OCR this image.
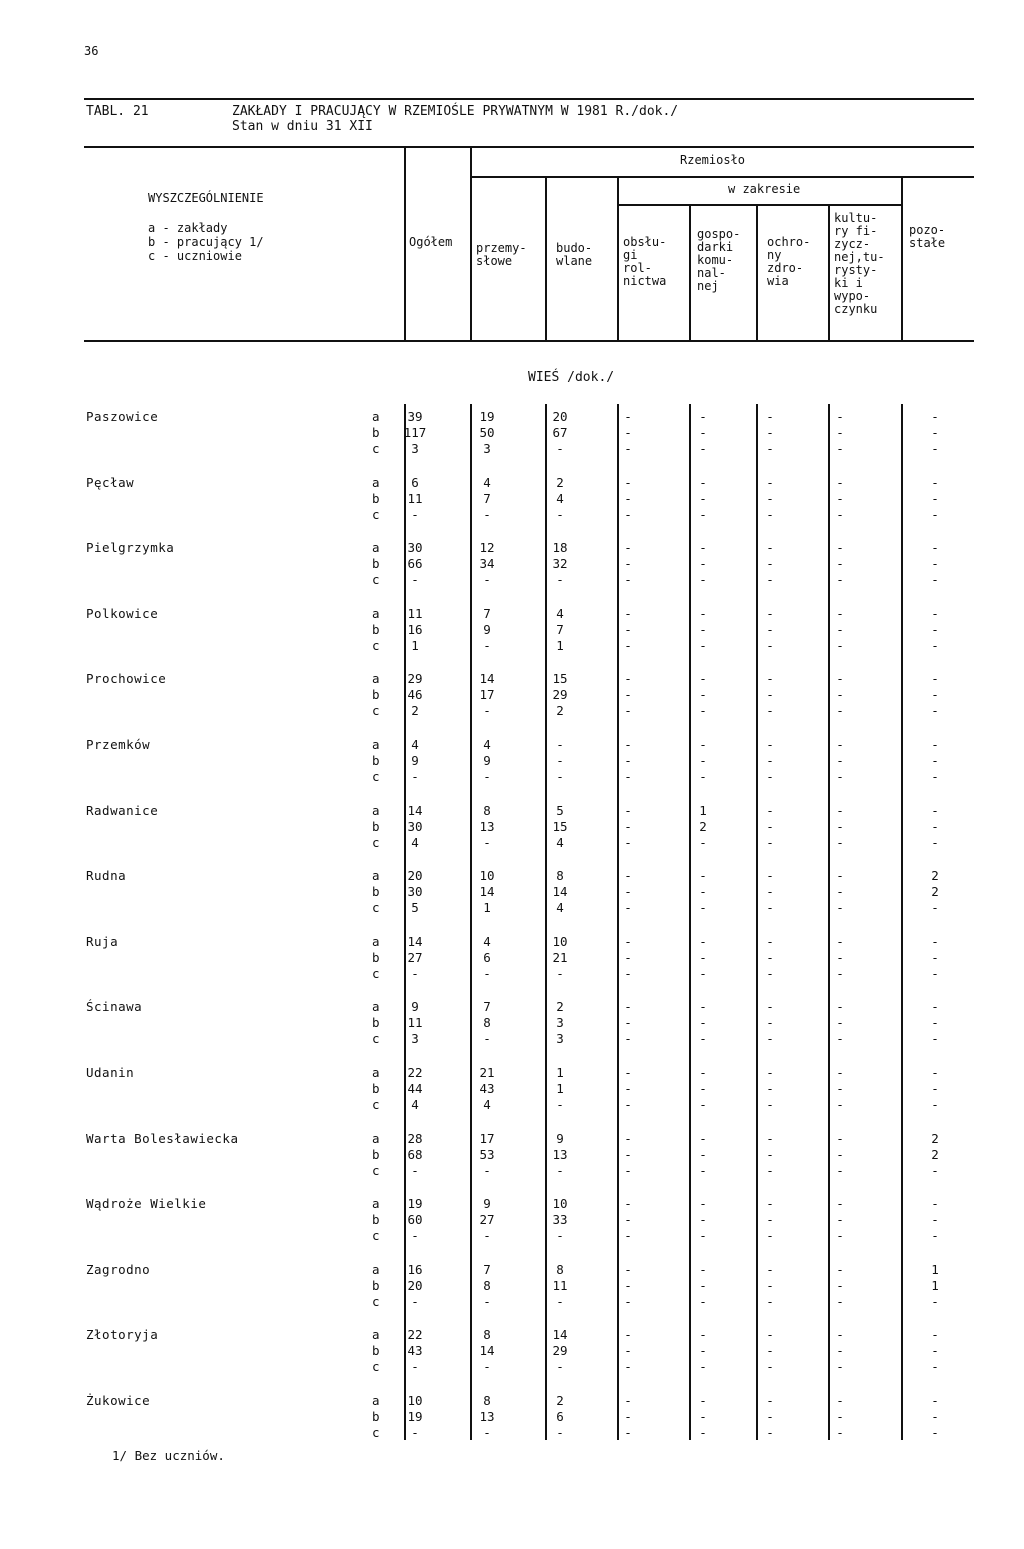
36
TABL. 21	ZAKŁADY I PRACUJĄCY W RZEMIOŚLE PRYWATNYM W 1981 R./dok./
Stan w dniu 31 XII
WYSZCZEGÓLNIENIE
a - zakłady
b - pracujący 1/
c - uczniowie
Ogółem
Rzemiosło
w zakresie
przemy-
słowe
budo-
wlane
obsłu-
gi
rol-
nictwa
gospo-
darki
komu-
nal-
nej
ochro-
ny
zdro-
wia
kultu-
ry fi-
zycz-
nej,tu-
rysty-
ki i
wypo-
czynku
pozo-
stałe
WIEŚ /dok./
Paszowice	a	39	19	20	-	-	-	-	-
b	117	50	67	-	-	-	-	-
c	3	3	-	-	-	-	-	-
Pęcław	a	6	4	2	-	-	-	-	-
b	11	7	4	-	-	-	-	-
c	-	-	-	-	-	-	-	-
Pielgrzymka	a	30	12	18	-	-	-	-	-
b	66	34	32	-	-	-	-	-
c	-	-	-	-	-	-	-	-
Polkowice	a	11	7	4	-	-	-	-	-
b	16	9	7	-	-	-	-	-
c	1	-	1	-	-	-	-	-
Prochowice	a	29	14	15	-	-	-	-	-
b	46	17	29	-	-	-	-	-
c	2	-	2	-	-	-	-	-
Przemków	a	4	4	-	-	-	-	-	-
b	9	9	-	-	-	-	-	-
c	-	-	-	-	-	-	-	-
Radwanice	a	14	8	5	-	1	-	-	-
b	30	13	15	-	2	-	-	-
c	4	-	4	-	-	-	-	-
Rudna	a	20	10	8	-	-	-	-	2
b	30	14	14	-	-	-	-	2
c	5	1	4	-	-	-	-	-
Ruja	a	14	4	10	-	-	-	-	-
b	27	6	21	-	-	-	-	-
c	-	-	-	-	-	-	-	-
Ścinawa	a	9	7	2	-	-	-	-	-
b	11	8	3	-	-	-	-	-
c	3	-	3	-	-	-	-	-
Udanin	a	22	21	1	-	-	-	-	-
b	44	43	1	-	-	-	-	-
c	4	4	-	-	-	-	-	-
Warta Bolesławiecka	a	28	17	9	-	-	-	-	2
b	68	53	13	-	-	-	-	2
c	-	-	-	-	-	-	-	-
Wądroże Wielkie	a	19	9	10	-	-	-	-	-
b	60	27	33	-	-	-	-	-
c	-	-	-	-	-	-	-	-
Zagrodno	a	16	7	8	-	-	-	-	1
b	20	8	11	-	-	-	-	1
c	-	-	-	-	-	-	-	-
Złotoryja	a	22	8	14	-	-	-	-	-
b	43	14	29	-	-	-	-	-
c	-	-	-	-	-	-	-	-
Żukowice	a	10	8	2	-	-	-	-	-
b	19	13	6	-	-	-	-	-
c	-	-	-	-	-	-	-	-
1/ Bez uczniów.
